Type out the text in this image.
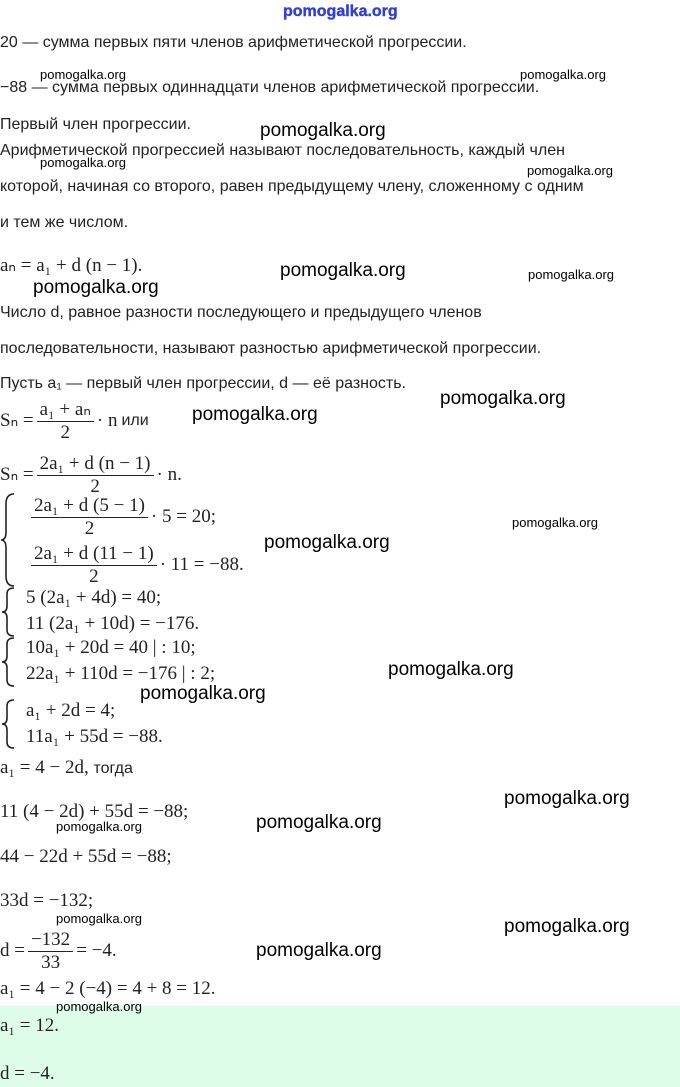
pomogalka.org
pomogalka.org	pomogalka.org
pomogalka.org
pomogalka.org
pomogalka.org
pomogalka.org	pomogalka.org
pomogalka.org
pomogalka.org
pomogalka.org
pomogalka.org
pomogalka.org
pomogalka.org
pomogalka.org
pomogalka.org
pomogalka.org
pomogalka.org
pomogalka.org	pomogalka.org
pomogalka.org
pomogalka.org
20 — сумма первых пяти членов арифметической прогрессии.
−88 — сумма первых одиннадцати членов арифметической прогрессии.
Первый член прогрессии.
Арифметической прогрессией называют последовательность, каждый член
которой, начиная со второго, равен предыдущему члену, сложенному с одним
и тем же числом.
aₙ = a₁ + d (n − 1).
Число d, равное разности последующего и предыдущего членов
последовательности, называют разностью арифметической прогрессии.
Пусть a₁ — первый член прогрессии, d — её разность.
$S_n = \frac{\text{a₁ + aₙ}}{2} \cdot n$ или
$S_n = \frac{\text{2a₁ + d (n − 1)}}{2} \cdot n$.
$\frac{\text{2a₁ + d (5 − 1)}}{2} \cdot 5 = 20$;
$\frac{\text{2a₁ + d (11 − 1)}}{2} \cdot 11 = -88$.
5 (2a₁ + 4d) = 40;
11 (2a₁ + 10d) = −176.
10a₁ + 20d = 40 | : 10;
22a₁ + 110d = −176 | : 2;
a₁ + 2d = 4;
11a₁ + 55d = −88.
a₁ = 4 − 2d, тогда
11 (4 − 2d) + 55d = −88;
44 − 22d + 55d = −88;
33d = −132;
$d = \frac{-132}{33} = -4$.
a₁ = 4 − 2 (−4) = 4 + 8 = 12.
a₁ = 12.
d = −4.
